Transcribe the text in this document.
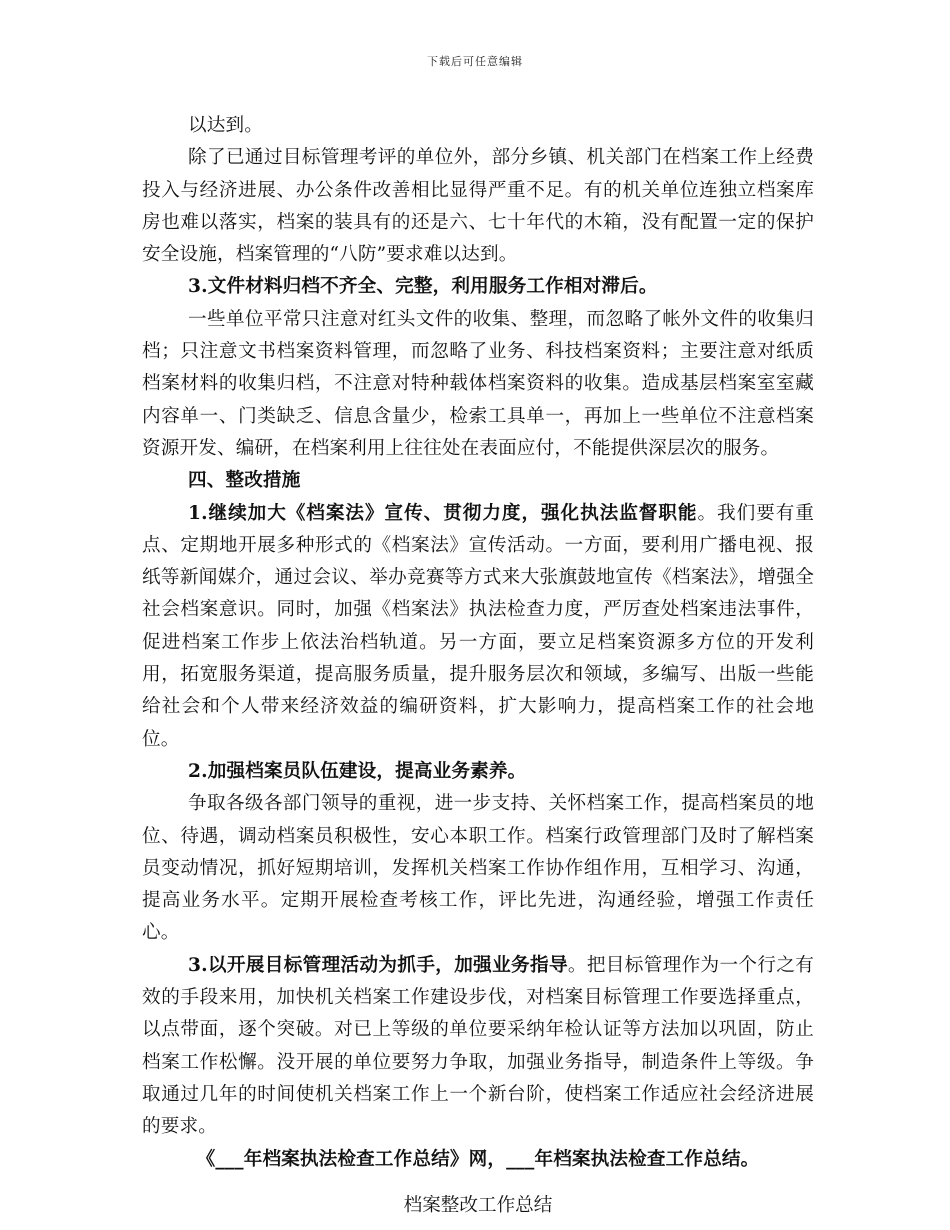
下载后可任意编辑

以达到。

除了已通过目标管理考评的单位外，部分乡镇、机关部门在档案工作上经费投入与经济进展、办公条件改善相比显得严重不足。有的机关单位连独立档案库房也难以落实，档案的装具有的还是六、七十年代的木箱，没有配置一定的保护安全设施，档案管理的“八防”要求难以达到。

3.文件材料归档不齐全、完整，利用服务工作相对滞后。

一些单位平常只注意对红头文件的收集、整理，而忽略了帐外文件的收集归档；只注意文书档案资料管理，而忽略了业务、科技档案资料；主要注意对纸质档案材料的收集归档，不注意对特种载体档案资料的收集。造成基层档案室室藏内容单一、门类缺乏、信息含量少，检索工具单一，再加上一些单位不注意档案资源开发、编研，在档案利用上往往处在表面应付，不能提供深层次的服务。

四、整改措施

1.继续加大《档案法》宣传、贯彻力度，强化执法监督职能。我们要有重点、定期地开展多种形式的《档案法》宣传活动。一方面，要利用广播电视、报纸等新闻媒介，通过会议、举办竞赛等方式来大张旗鼓地宣传《档案法》，增强全社会档案意识。同时，加强《档案法》执法检查力度，严厉查处档案违法事件，促进档案工作步上依法治档轨道。另一方面，要立足档案资源多方位的开发利用，拓宽服务渠道，提高服务质量，提升服务层次和领域，多编写、出版一些能给社会和个人带来经济效益的编研资料，扩大影响力，提高档案工作的社会地位。

2.加强档案员队伍建设，提高业务素养。

争取各级各部门领导的重视，进一步支持、关怀档案工作，提高档案员的地位、待遇，调动档案员积极性，安心本职工作。档案行政管理部门及时了解档案员变动情况，抓好短期培训，发挥机关档案工作协作组作用，互相学习、沟通，提高业务水平。定期开展检查考核工作，评比先进，沟通经验，增强工作责任心。

3.以开展目标管理活动为抓手，加强业务指导。把目标管理作为一个行之有效的手段来用，加快机关档案工作建设步伐，对档案目标管理工作要选择重点，以点带面，逐个突破。对已上等级的单位要采纳年检认证等方法加以巩固，防止档案工作松懈。没开展的单位要努力争取，加强业务指导，制造条件上等级。争取通过几年的时间使机关档案工作上一个新台阶，使档案工作适应社会经济进展的要求。

《___年档案执法检查工作总结》网，___年档案执法检查工作总结。

档案整改工作总结
